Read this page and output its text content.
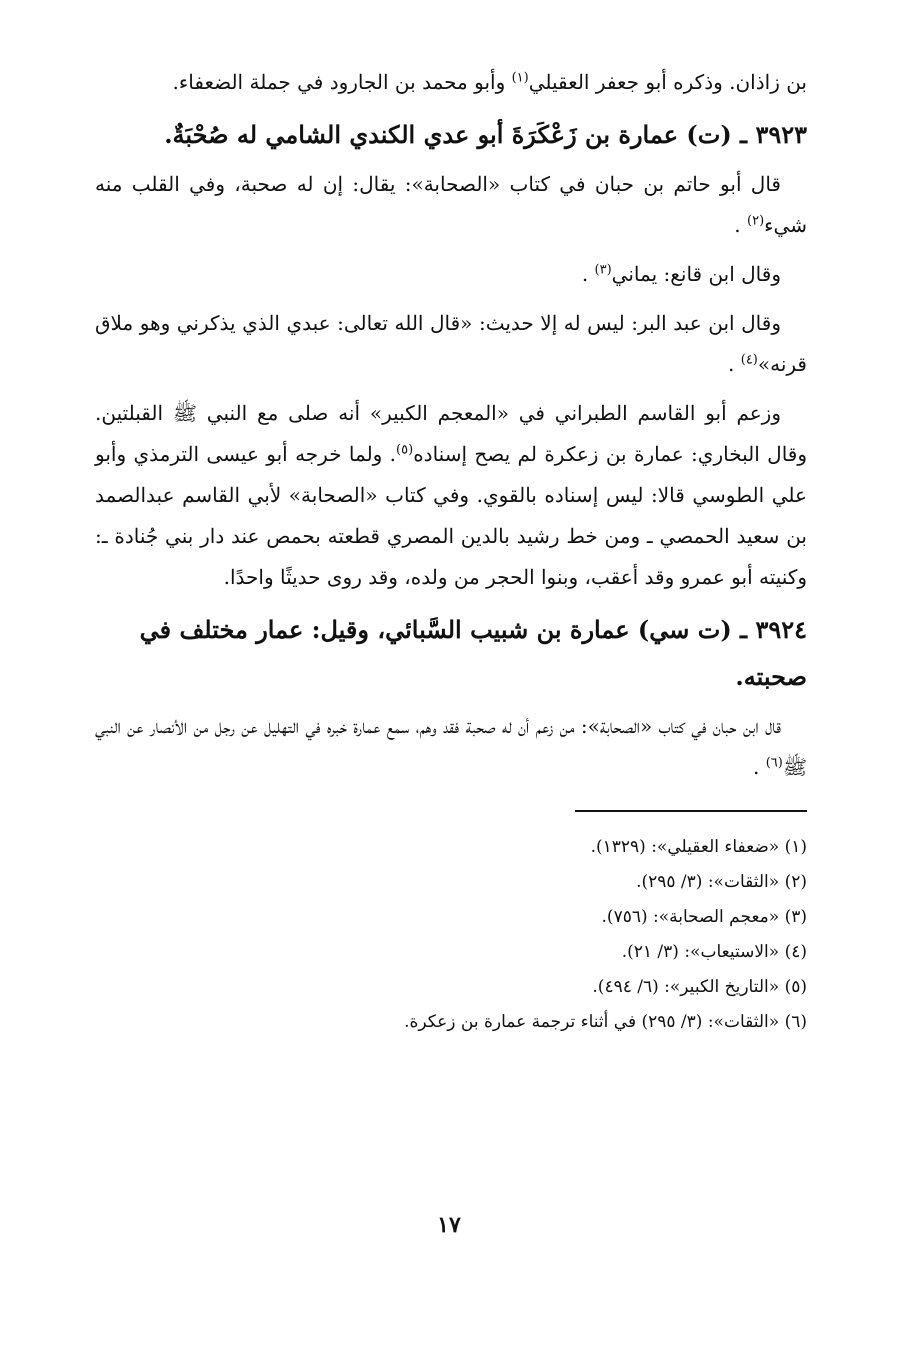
بن زاذان. وذكره أبو جعفر العقيلي$^{(١)}$ وأبو محمد بن الجارود في جملة الضعفاء.

٣٩٢٣ ـ (ت) عمارة بن زَعْكَرَةَ أبو عدي الكندي الشامي له صُحْبَةٌ.

قال أبو حاتم بن حبان في كتاب «الصحابة»: يقال: إن له صحبة، وفي القلب منه شيء$^{(٢)}$ .

وقال ابن قانع: يماني$^{(٣)}$ .

وقال ابن عبد البر: ليس له إلا حديث: «قال الله تعالى: عبدي الذي يذكرني وهو ملاق قرنه»$^{(٤)}$ .

وزعم أبو القاسم الطبراني في «المعجم الكبير» أنه صلى مع النبي ﷺ القبلتين. وقال البخاري: عمارة بن زعكرة لم يصح إسناده$^{(٥)}$. ولما خرجه أبو عيسى الترمذي وأبو علي الطوسي قالا: ليس إسناده بالقوي. وفي كتاب «الصحابة» لأبي القاسم عبدالصمد بن سعيد الحمصي ـ ومن خط رشيد بالدين المصري قطعته بحمص عند دار بني جُنادة ـ: وكنيته أبو عمرو وقد أعقب، وبنوا الحجر من ولده، وقد روى حديثًا واحدًا.

٣٩٢٤ ـ (ت سي) عمارة بن شبيب السَّبائي، وقيل: عمار مختلف في صحبته.

قال ابن حبان في كتاب «الصحابة»: من زعم أن له صحبة فقد وهم، سمع عمارة خبره في التهليل عن رجل من الأنصار عن النبي ﷺ$^{(٦)}$ .

(١) «ضعفاء العقيلي»: (١٣٢٩).
(٢) «الثقات»: (٣/ ٢٩٥).
(٣) «معجم الصحابة»: (٧٥٦).
(٤) «الاستيعاب»: (٣/ ٢١).
(٥) «التاريخ الكبير»: (٦/ ٤٩٤).
(٦) «الثقات»: (٣/ ٢٩٥) في أثناء ترجمة عمارة بن زعكرة.
١٧
